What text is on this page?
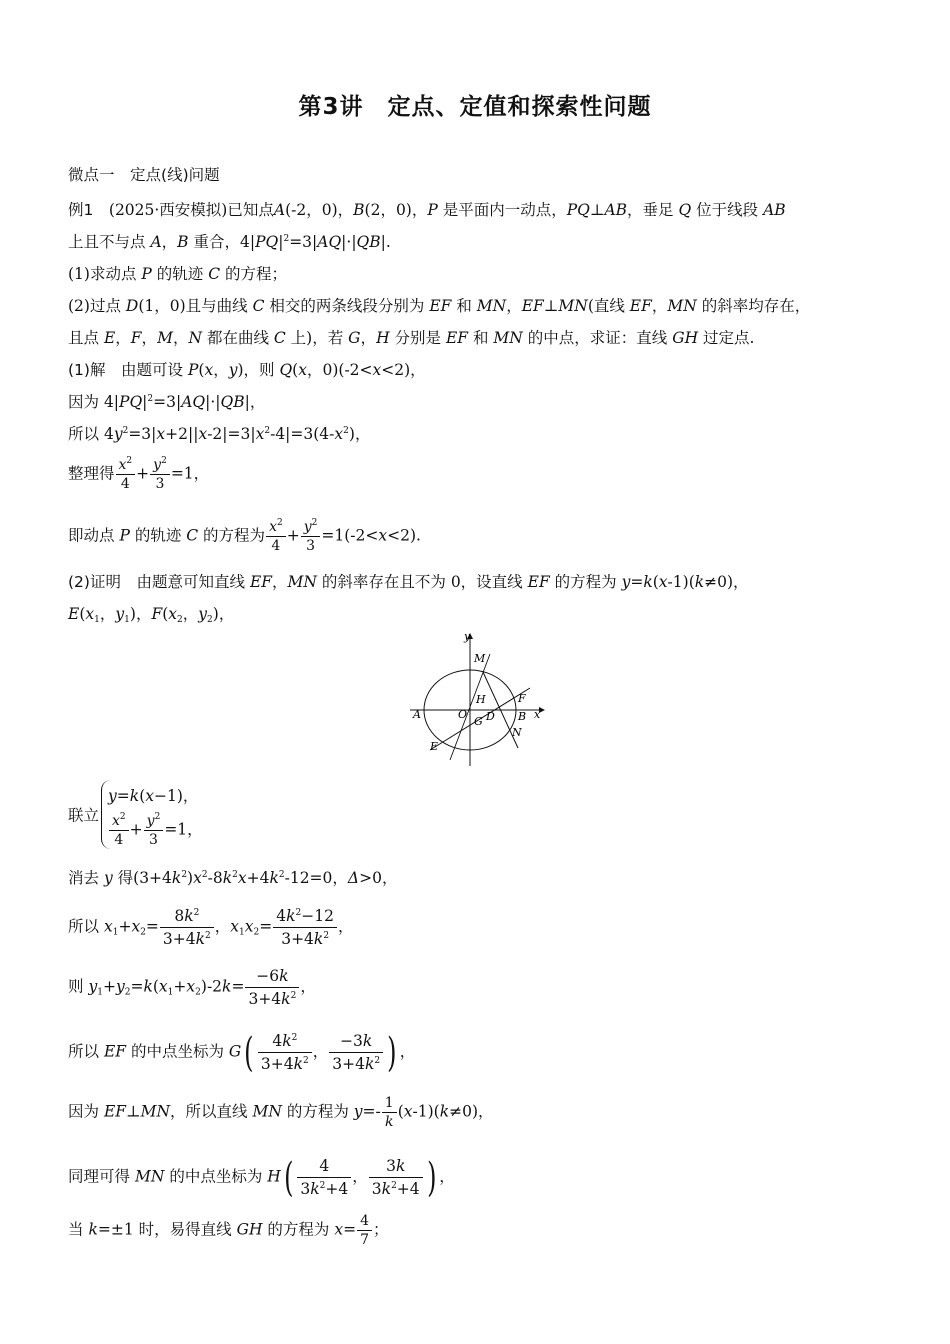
第3讲　定点、定值和探索性问题
微点一　 定点(线)问题
例1　 (2025·西安模拟)已知点A(-2，0)，B(2，0)，P 是平面内一动点，PQ⊥AB，垂足 Q 位于线段 AB
上且不与点 A，B 重合，$4|PQ|^2=3|AQ|\cdot|QB|$.
(1)求动点 P 的轨迹 C 的方程；
(2)过点 D(1，0)且与曲线 C 相交的两条线段分别为 EF 和 MN，EF⊥MN(直线 EF，MN 的斜率均存在，
且点 E，F，M，N 都在曲线 C 上)，若 G，H 分别是 EF 和 MN 的中点，求证：直线 GH 过定点.
(1)解　 由题可设 P(x，y)，则 Q(x，0)(-2<x<2)，
因为 $4|PQ|^2=3|AQ|\cdot|QB|$，
所以 $4y^2=3|x+2||x-2|=3|x^2-4|=3(4-x^2)$，
整理得 $\frac{x^2}{4} + \frac{y^2}{3} =1$，
即动点 P 的轨迹 C 的方程为 $\frac{x^2}{4} + \frac{y^2}{3} =1(-2<x<2)$.
(2)证明　 由题意可知直线 EF，MN 的斜率存在且不为 0，设直线 EF 的方程为 y=k(x-1)(k≠0)，
$E(x_1$，$y_1$)，$F(x_2$，$y_2$)，
y
x
M
H	F
A	O
G D B
E
N
联立
y=k(x−1)，
$\frac{x^2}{4} + \frac{y^2}{3} =1$，
消去 y 得$(3+4k^2)x^2-8k^2x+4k^2-12=0$，Δ>0，
所以 $x_1+x_2= \frac{8k^2}{3+4k^2}$ ，$x_1x_2= \frac{4k^2-12}{3+4k^2}$ ，
则 $y_1+y_2=k(x_1+x_2)-2k= \frac{-6k}{3+4k^2}$ ，
所以 EF 的中点坐标为 $G( \frac{4k^2}{3+4k^2}$ ， $\frac{-3k}{3+4k^2}$ ) ，
因为 EF⊥MN，所以直线 MN 的方程为 $y=- \frac{1}{k} (x-1)(k\ne 0)$，
同理可得 MN 的中点坐标为 $H( \frac{4}{3k^2+4}$ ， $\frac{3k}{3k^2+4}$ ) ，
当 k=±1 时，易得直线 GH 的方程为 $x= \frac{4}{7}$ ；
